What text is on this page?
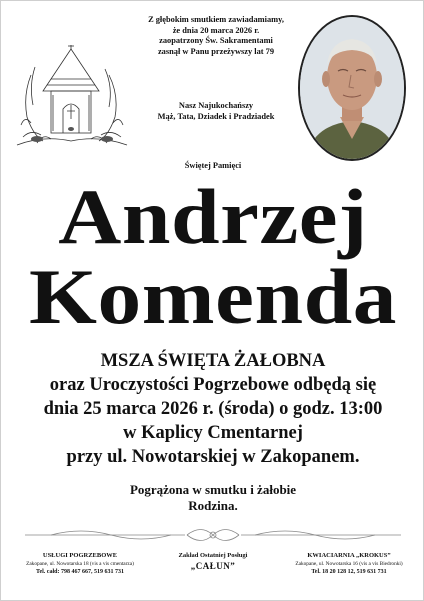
Z głębokim smutkiem zawiadamiamy,
że dnia 20 marca 2026 r.
zaopatrzony Św. Sakramentami
zasnął w Panu przeżywszy lat 79
Nasz Najukochańszy
Mąż, Tata, Dziadek i Pradziadek
Świętej Pamięci
Andrzej
Komenda
MSZA ŚWIĘTA ŻAŁOBNA
oraz Uroczystości Pogrzebowe odbędą się
dnia 25 marca 2026 r. (środa) o godz. 13:00
w Kaplicy Cmentarnej
przy ul. Nowotarskiej w Zakopanem.
Pogrążona w smutku i żałobie
Rodzina.
USŁUGI POGRZEBOWE
Zakopane, ul. Nowotarska 18 (vis a vis cmentarza)
Tel. całd: 798 467 667, 519 631 731
Zakład Ostatniej Posługi
„CAŁUN”
KWIACIARNIA „KROKUS”
Zakopane, ul. Nowotarska 16 (vis a vis Biedronki)
Tel. 18 20 128 12, 519 631 731
